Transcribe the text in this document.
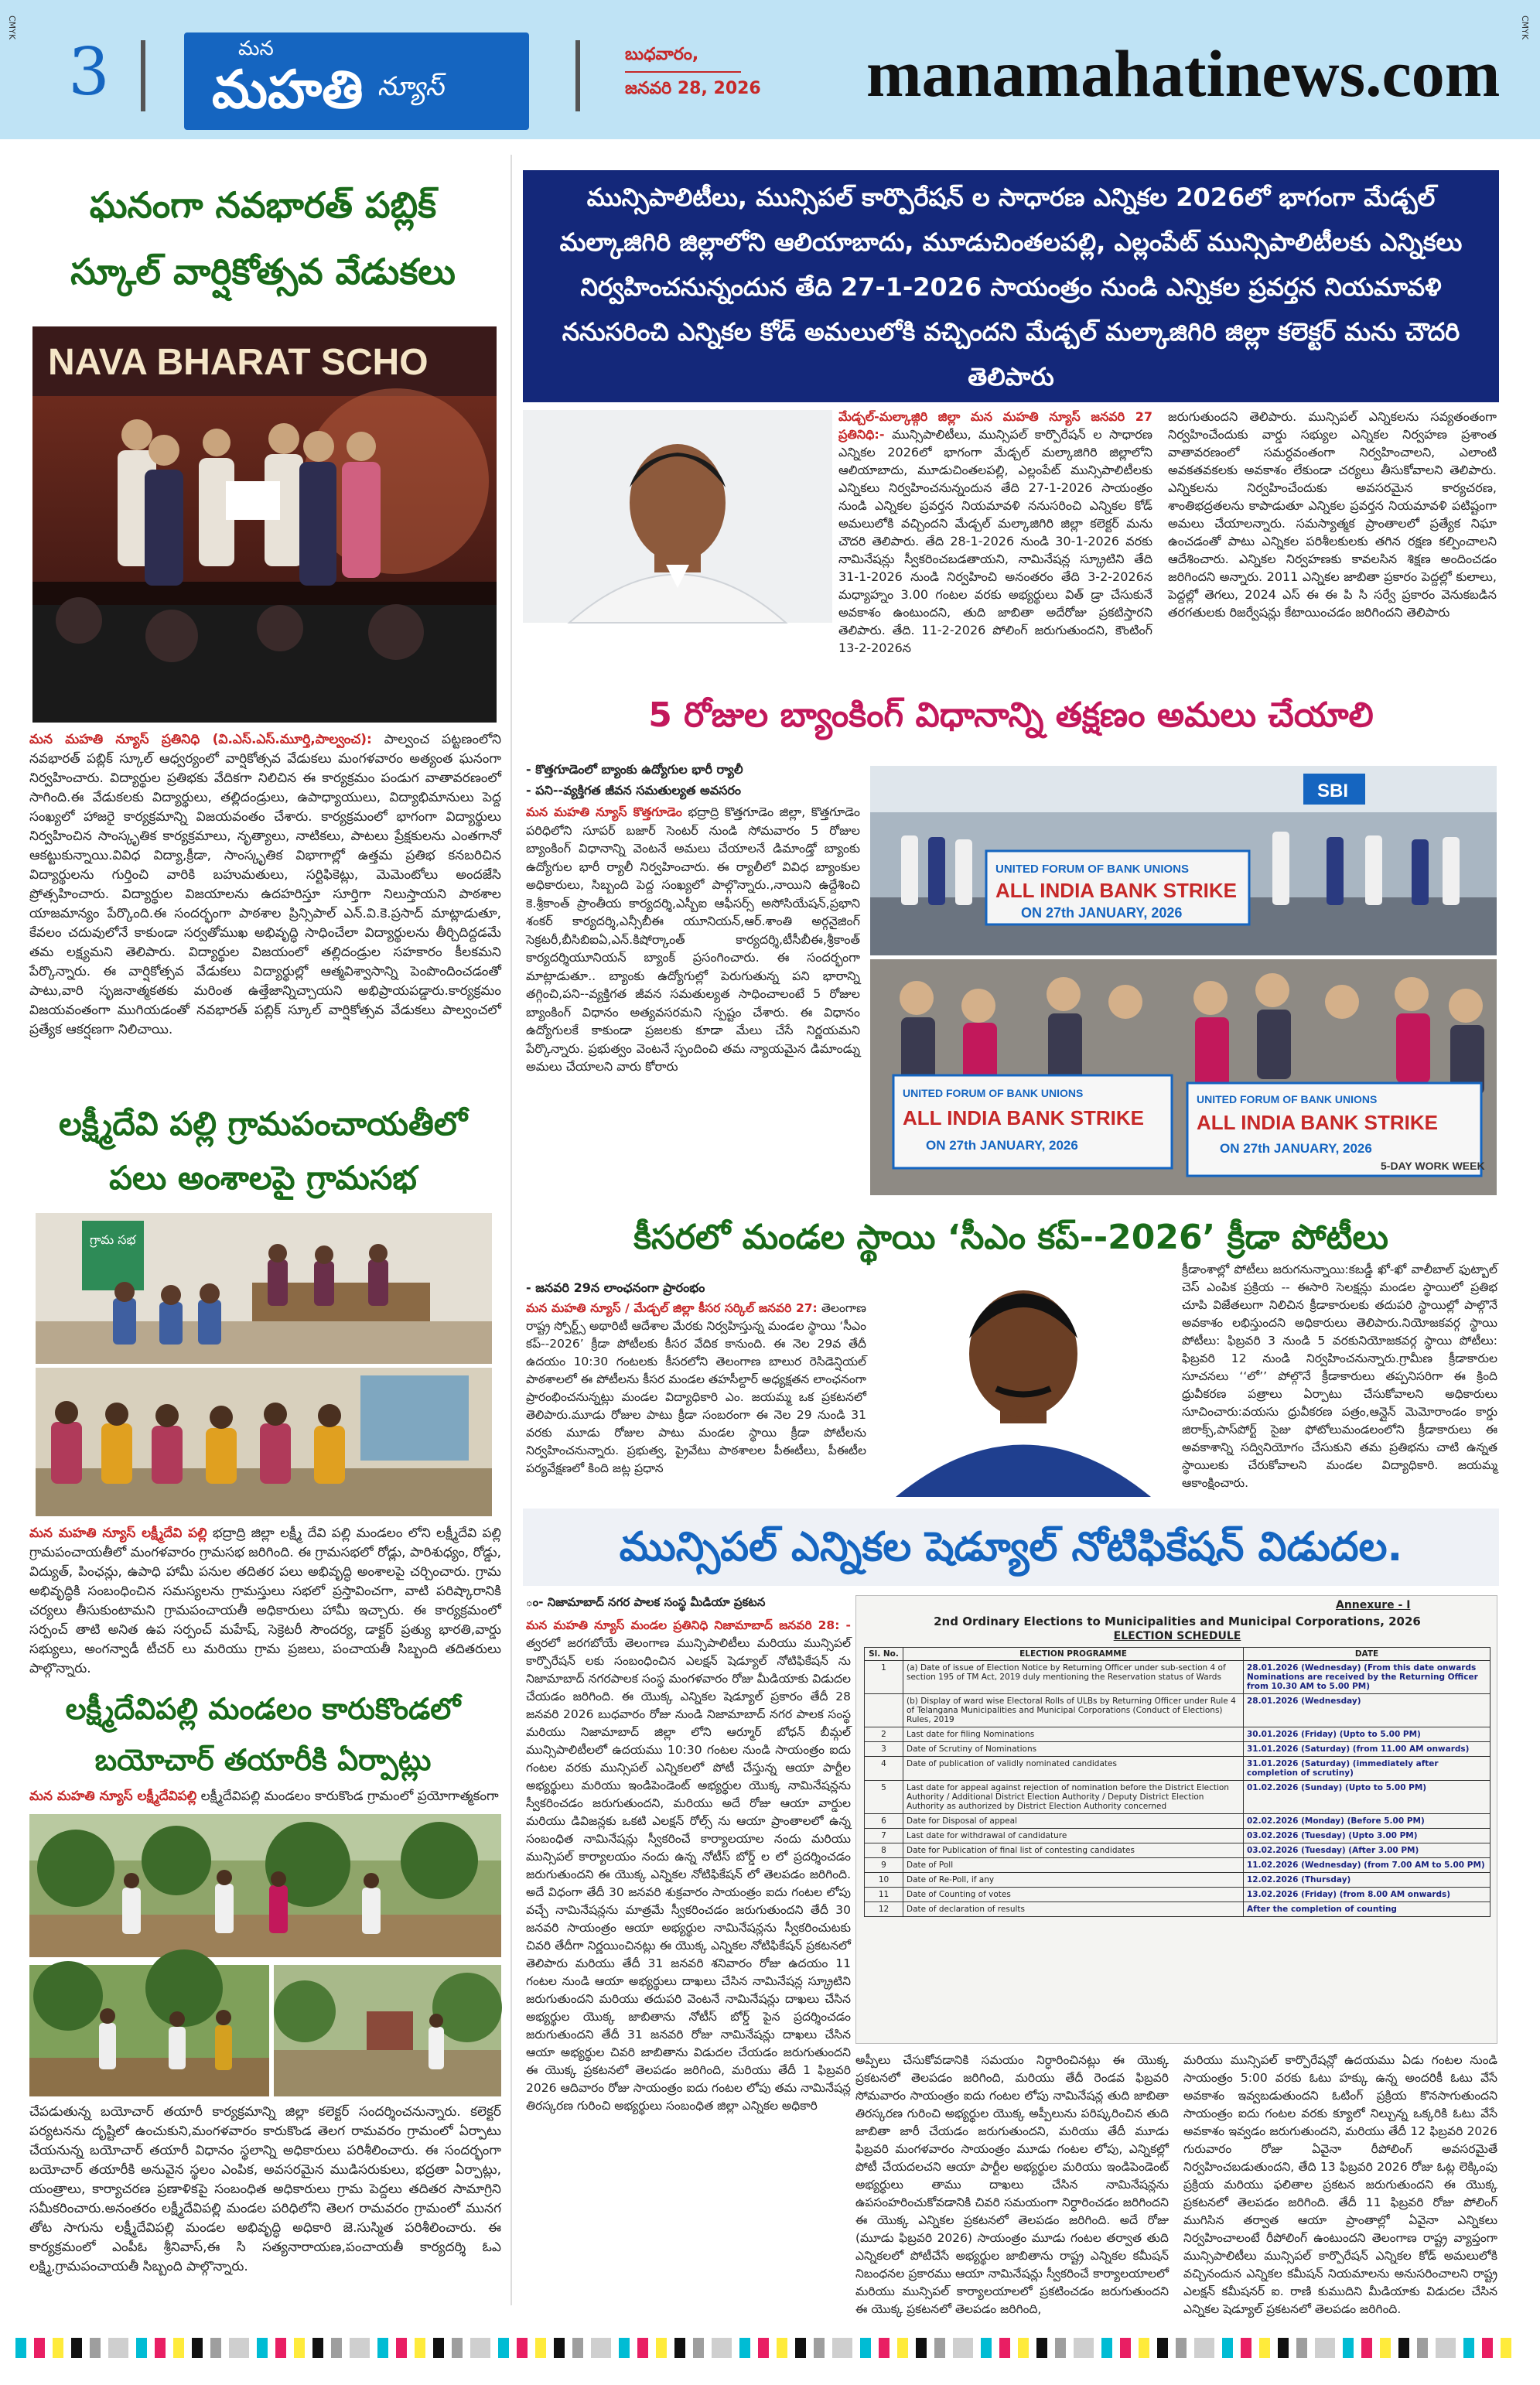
3	మన
మహతి న్యూస్
బుధవారం,
జనవరి 28, 2026 manamahatinews.com
CMYK
CMYK
ఘనంగా నవభారత్ పబ్లిక్
స్కూల్ వార్షికోత్సవ వేడుకలు
NAVA BHARAT SCHO
మన మహతి న్యూస్ ప్రతినిధి (వి.ఎస్.ఎస్.మూర్తి,పాల్వంచ): పాల్వంచ పట్టణంలోని నవభారత్ పబ్లిక్ స్కూల్ ఆధ్వర్యంలో వార్షికోత్సవ వేడుకలు మంగళవారం అత్యంత ఘనంగా నిర్వహించారు. విద్యార్థుల ప్రతిభకు వేదికగా నిలిచిన ఈ కార్యక్రమం పండుగ వాతావరణంలో సాగింది.ఈ వేడుకలకు విద్యార్థులు, తల్లిదండ్రులు, ఉపాధ్యాయులు, విద్యాభిమానులు పెద్ద సంఖ్యలో హాజరై కార్యక్రమాన్ని విజయవంతం చేశారు. కార్యక్రమంలో భాగంగా విద్యార్థులు నిర్వహించిన సాంస్కృతిక కార్యక్రమాలు, నృత్యాలు, నాటికలు, పాటలు ప్రేక్షకులను ఎంతగానో ఆకట్టుకున్నాయి.వివిధ విద్యా,క్రీడా, సాంస్కృతిక విభాగాల్లో ఉత్తమ ప్రతిభ కనబరిచిన విద్యార్థులను గుర్తించి వారికి బహుమతులు, సర్టిఫికెట్లు, మెమెంటోలు అందజేసి ప్రోత్సహించారు. విద్యార్థుల విజయాలను ఉదహరిస్తూ సూర్తిగా నిలుస్తాయని పాఠశాల యాజమాన్యం పేర్కొంది.ఈ సందర్భంగా పాఠశాల ప్రిన్సిపాల్ ఎన్.వి.కె.ప్రసాద్ మాట్లాడుతూ, కేవలం చదువులోనే కాకుండా సర్వతోముఖ అభివృద్ధి సాధించేలా విద్యార్థులను తీర్చిదిద్దడమే తమ లక్ష్యమని తెలిపారు. విద్యార్థుల విజయంలో తల్లిదండ్రుల సహకారం కీలకమని పేర్కొన్నారు. ఈ వార్షికోత్సవ వేడుకలు విద్యార్థుల్లో ఆత్మవిశ్వాసాన్ని పెంపొందించడంతో పాటు,వారి సృజనాత్మకతకు మరింత ఉత్తేజాన్నిచ్చాయని అభిప్రాయపడ్డారు.కార్యక్రమం విజయవంతంగా ముగియడంతో నవభారత్ పబ్లిక్ స్కూల్ వార్షికోత్సవ వేడుకలు పాల్వంచలో ప్రత్యేక ఆకర్షణగా నిలిచాయి.
లక్ష్మీదేవి పల్లి గ్రామపంచాయతీలో
పలు అంశాలపై గ్రామసభ
గ్రామ సభ
మన మహతి న్యూస్ లక్ష్మీదేవి పల్లి భద్రాద్రి జిల్లా లక్ష్మీ దేవి పల్లి మండలం లోని లక్ష్మీదేవి పల్లి గ్రామపంచాయతీలో మంగళవారం గ్రామసభ జరిగింది. ఈ గ్రామసభలో రోడ్లు, పారిశుధ్యం, రోడ్డు, విద్యుత్, పింఛన్లు, ఉపాధి హామీ పనుల తదితర పలు అభివృద్ధి అంశాలపై చర్చించారు. గ్రామ అభివృద్ధికి సంబంధించిన సమస్యలను గ్రామస్తులు సభలో ప్రస్తావించగా, వాటి పరిష్కారానికి చర్యలు తీసుకుంటామని గ్రామపంచాయతీ అధికారులు హామీ ఇచ్చారు. ఈ కార్యక్రమంలో సర్పంచ్ తాటి అనిత ఉప సర్పంచ్ మహేష్, సెక్రెటరీ సౌందర్య, డాక్టర్ ప్రత్యు భారతి,వార్డు సభ్యులు, అంగన్వాడీ టీచర్ లు మరియు గ్రామ ప్రజలు, పంచాయతీ సిబ్బంది తదితరులు పాల్గొన్నారు.
లక్ష్మీదేవిపల్లి మండలం కారుకొండలో
బయోచార్ తయారీకి ఏర్పాట్లు
మన మహతి న్యూస్ లక్ష్మీదేవిపల్లి లక్ష్మీదేవిపల్లి మండలం కారుకొండ గ్రామంలో ప్రయోగాత్మకంగా
చేపడుతున్న బయోచార్ తయారీ కార్యక్రమాన్ని జిల్లా కలెక్టర్ సందర్శించనున్నారు. కలెక్టర్ పర్యటనను దృష్టిలో ఉంచుకుని,మంగళవారం కారుకొండ తెలగ రామవరం గ్రామంలో ఏర్పాటు చేయనున్న బయోచార్ తయారీ విధానం స్థలాన్ని అధికారులు పరిశీలించారు. ఈ సందర్భంగా బయోచార్ తయారీకి అనువైన స్థలం ఎంపిక, అవసరమైన ముడిసరుకులు, భద్రతా ఏర్పాట్లు, యంత్రాలు, కార్యాచరణ ప్రణాళికపై సంబంధిత అధికారులు గ్రామ పెద్దలు తదితర సామాగ్రిని సమీకరించారు.అనంతరం లక్ష్మీదేవిపల్లి మండల పరిధిలోని తెలగ రామవరం గ్రామంలో మునగ తోట సాగును లక్ష్మీదేవిపల్లి మండల అభివృద్ధి అధికారి జె.సుస్మిత పరిశీలించారు. ఈ కార్యక్రమంలో ఎంపీఓ శ్రీనివాస్,ఈ సి సత్యనారాయణ,పంచాయతీ కార్యదర్శి ఓఎ లక్ష్మి,గ్రామపంచాయతీ సిబ్బంది పాల్గొన్నారు.
మున్సిపాలిటీలు, మున్సిపల్ కార్పొరేషన్ ల సాధారణ ఎన్నికల 2026లో భాగంగా మేడ్చల్ మల్కాజిగిరి జిల్లాలోని ఆలియాబాదు, మూడుచింతలపల్లి, ఎల్లంపేట్ మున్సిపాలిటీలకు ఎన్నికలు నిర్వహించనున్నందున తేది 27-1-2026 సాయంత్రం నుండి ఎన్నికల ప్రవర్తన నియమావళి ననుసరించి ఎన్నికల కోడ్ అమలులోకి వచ్చిందని మేడ్చల్ మల్కాజిగిరి జిల్లా కలెక్టర్ మను చౌదరి తెలిపారు
మేడ్చల్-మల్కాజ్గిరి జిల్లా మన మహతి న్యూస్ జనవరి 27 ప్రతినిధి:- మున్సిపాలిటీలు, మున్సిపల్ కార్పొరేషన్ ల సాధారణ ఎన్నికల 2026లో భాగంగా మేడ్చల్ మల్కాజిగిరి జిల్లాలోని ఆలియాబాదు, మూడుచింతలపల్లి, ఎల్లంపేట్ మున్సిపాలిటీలకు ఎన్నికలు నిర్వహించనున్నందున తేది 27-1-2026 సాయంత్రం నుండి ఎన్నికల ప్రవర్తన నియమావళి ననుసరించి ఎన్నికల కోడ్ అమలులోకి వచ్చిందని మేడ్చల్ మల్కాజిగిరి జిల్లా కలెక్టర్ మను చౌదరి తెలిపారు. తేది 28-1-2026 నుండి 30-1-2026 వరకు నామినేషన్లు స్వీకరించబడతాయని, నామినేషన్ల స్క్రూటిని తేది 31-1-2026 నుండి నిర్వహించి అనంతరం తేది 3-2-2026న మధ్యాహ్నం 3.00 గంటల వరకు అభ్యర్థులు విత్ డ్రా చేసుకునే అవకాశం ఉంటుందని, తుది జాబితా అదేరోజు ప్రకటిస్తారని తెలిపారు. తేది. 11-2-2026 పోలింగ్ జరుగుతుందని, కౌంటింగ్ 13-2-2026న
జరుగుతుందని తెలిపారు. మున్సిపల్ ఎన్నికలను సవ్యతంతంగా నిర్వహించేందుకు వార్డు సభ్యుల ఎన్నికల నిర్వహణ ప్రశాంత వాతావరణంలో సమర్ధవంతంగా నిర్వహించాలని, ఎలాంటి అవకతవకలకు అవకాశం లేకుండా చర్యలు తీసుకోవాలని తెలిపారు. ఎన్నికలను నిర్వహించేందుకు అవసరమైన కార్యచరణ, శాంతిభద్రతలను కాపాడుతూ ఎన్నికల ప్రవర్తన నియమావళి పటిష్టంగా అమలు చేయాలన్నారు. సమస్యాత్మక ప్రాంతాలలో ప్రత్యేక నిఘా ఉంచడంతో పాటు ఎన్నికల పరిశీలకులకు తగిన రక్షణ కల్పించాలని ఆదేశించారు. ఎన్నికల నిర్వహణకు కావలసిన శిక్షణ అందించడం జరిగిందని అన్నారు. 2011 ఎన్నికల జాబితా ప్రకారం పెద్దల్లో కులాలు, పెద్దల్లో తెగలు, 2024 ఎస్ ఈ ఈ పి సి సర్వే ప్రకారం వెనుకబడిన తరగతులకు రిజర్వేషన్లు కేటాయించడం జరిగిందని తెలిపారు
5 రోజుల బ్యాంకింగ్ విధానాన్ని తక్షణం అమలు చేయాలి
- కొత్తగూడెంలో బ్యాంకు ఉద్యోగుల భారీ ర్యాలీ
- పని--వ్యక్తిగత జీవన సమతుల్యత అవసరం
మన మహతి న్యూస్ కొత్తగూడెం భద్రాద్రి కొత్తగూడెం జిల్లా, కొత్తగూడెం పరిధిలోని సూపర్ బజార్ సెంటర్ నుండి సోమవారం 5 రోజుల బ్యాంకింగ్ విధానాన్ని వెంటనే అమలు చేయాలనే డిమాండ్తో బ్యాంకు ఉద్యోగుల భారీ ర్యాలీ నిర్వహించారు. ఈ ర్యాలీలో వివిధ బ్యాంకుల అధికారులు, సిబ్బంది పెద్ద సంఖ్యలో పాల్గొన్నారు.,నాయిని ఉద్దేశించి కె.శ్రీకాంత్ ప్రాంతీయ కార్యదర్శి,ఎస్బీఐ ఆఫీసర్స్ అసోసియేషన్,ప్రభాని శంకర్ కార్యదర్శి,ఎన్సీబీఈ యూనియన్,ఆర్.శాంతి అర్గనైజింగ్ సెక్రటరీ,బీసిబిఐఏ,ఎన్.కిషోర్కాంత్ కార్యదర్శి,టీసీబీఈ,శ్రీకాంత్ కార్యదర్శియూనియన్ బ్యాంక్ ప్రసంగించారు. ఈ సందర్భంగా మాట్లాడుతూ.. బ్యాంకు ఉద్యోగుల్లో పెరుగుతున్న పని భారాన్ని తగ్గించి,పని--వ్యక్తిగత జీవన సమతుల్యత సాధించాలంటే 5 రోజుల బ్యాంకింగ్ విధానం అత్యవసరమని స్పష్టం చేశారు. ఈ విధానం ఉద్యోగులకే కాకుండా ప్రజలకు కూడా మేలు చేసే నిర్ణయమని పేర్కొన్నారు. ప్రభుత్వం వెంటనే స్పందించి తమ న్యాయమైన డిమాండ్ను అమలు చేయాలని వారు కోరారు
SBI
UNITED FORUM OF BANK UNIONS
ALL INDIA BANK STRIKE
ON 27th JANUARY, 2026
UNITED FORUM OF BANK UNIONS
ALL INDIA BANK STRIKE
ON 27th JANUARY, 2026
UNITED FORUM OF BANK UNIONS
ALL INDIA BANK STRIKE
ON 27th JANUARY, 2026
5-DAY WORK WEEK
కీసరలో మండల స్థాయి ‘సీఎం కప్--2026’ క్రీడా పోటీలు
- జనవరి 29న లాంఛనంగా ప్రారంభం
మన మహతి న్యూస్ / మేడ్చల్ జిల్లా కీసర సర్కిల్ జనవరి 27: తెలంగాణ రాష్ట్ర స్పోర్ట్స్ అథారిటీ ఆదేశాల మేరకు నిర్వహిస్తున్న మండల స్థాయి ‘సీఎం కప్--2026’ క్రీడా పోటీలకు కీసర వేదిక కానుంది. ఈ నెల 29వ తేదీ ఉదయం 10:30 గంటలకు కీసరలోని తెలంగాణ బాలుర రెసిడెన్షియల్ పాఠశాలలో ఈ పోటీలను కీసర మండల తహసీల్దార్ అధ్యక్షతన లాంఛనంగా ప్రారంభించనున్నట్లు మండల విద్యాధికారి ఎం. జయమ్మ ఒక ప్రకటనలో తెలిపారు.మూడు రోజుల పాటు క్రీడా సంబరంగా ఈ నెల 29 నుండి 31 వరకు మూడు రోజుల పాటు మండల స్థాయి క్రీడా పోటీలను నిర్వహించనున్నారు. ప్రభుత్వ, ప్రైవేటు పాఠశాలల పీఈటీలు, పీఈటీల పర్యవేక్షణలో కింది జట్ల ప్రధాన
క్రీడాంశాల్లో పోటీలు జరుగనున్నాయి:కబడ్డీ ఖో-ఖో వాలీబాల్ ఫుట్బాల్ చెస్ ఎంపిక ప్రక్రియ -- ఈసారి సెలక్షన్లు మండల స్థాయిలో ప్రతిభ చూపి విజేతలుగా నిలిచిన క్రీడాకారులకు తదుపరి స్థాయిల్లో పాల్గొనే అవకాశం లభిస్తుందని అధికారులు తెలిపారు.నియోజకవర్గ స్థాయి పోటీలు: ఫిబ్రవరి 3 నుండి 5 వరకునియోజకవర్గ స్థాయి పోటీలు: ఫిబ్రవరి 12 నుండి నిర్వహించనున్నారు.గ్రామీణ క్రీడాకారుల సూచనలు ‘‘లో’’ పోల్గొనే క్రీడాకారులు తప్పనిసరిగా ఈ క్రింది ధ్రువీకరణ పత్రాలు ఏర్పాటు చేసుకోవాలని అధికారులు సూచించారు:వయసు ధ్రువీకరణ పత్రం,ఆన్లైన్ మెమోరాండం కార్డు జిరాక్స్,పాస్‌పోర్ట్ సైజు ఫోటోలుమండలంలోని క్రీడాకారులు ఈ అవకాశాన్ని సద్వినియోగం చేసుకుని తమ ప్రతిభను చాటి ఉన్నత స్థాయిలకు చేరుకోవాలని మండల విద్యాధికారి. జయమ్మ ఆకాంక్షించారు.
మున్సిపల్ ఎన్నికల షెడ్యూల్ నోటిఫికేషన్ విడుదల.
ం- నిజామాబాద్ నగర పాలక సంస్థ మీడియా ప్రకటన
మన మహతి న్యూస్ మండల ప్రతినిధి నిజామాబాద్ జనవరి 28: - త్వరలో జరగబోయే తెలంగాణ మున్సిపాలిటీలు మరియు మున్సిపల్ కార్పొరేషన్ లకు సంబంధించిన ఎలక్షన్ షెడ్యూల్ నోటిఫికేషన్ ను నిజామాబాద్ నగరపాలక సంస్థ మంగళవారం రోజు మీడియాకు విడుదల చేయడం జరిగింది. ఈ యొక్క ఎన్నికల షెడ్యూల్ ప్రకారం తేదీ 28 జనవరి 2026 బుధవారం రోజు నుండి నిజామాబాద్ నగర పాలక సంస్థ మరియు నిజామాబాద్ జిల్లా లోని ఆర్మూర్ బోధన్ బీమ్గల్ మున్సిపాలిటీలలో ఉదయము 10:30 గంటల నుండి సాయంత్రం ఐదు గంటల వరకు మున్సిపల్ ఎన్నికలలో పోటీ చేస్తున్న ఆయా పార్టీల అభ్యర్థులు మరియు ఇండిపెండెంట్ అభ్యర్థుల యొక్క నామినేషన్లను స్వీకరించడం జరుగుతుందని, మరియు అదే రోజు ఆయా వార్డుల మరియు డివిజన్లకు ఒకటి ఎలక్షన్ రోల్స్ ను ఆయా ప్రాంతాలలో ఉన్న సంబంధిత నామినేషన్లు స్వీకరించే కార్యాలయాల నందు మరియు మున్సిపల్ కార్యాలయం నందు ఉన్న నోటీస్ బోర్డ్ ల లో ప్రదర్శించడం జరుగుతుందని ఈ యొక్క ఎన్నికల నోటిఫికేషన్ లో తెలపడం జరిగింది. అదే విధంగా తేదీ 30 జనవరి శుక్రవారం సాయంత్రం ఐదు గంటల లోపు వచ్చే నామినేషన్లను మాత్రమే స్వీకరించడం జరుగుతుందని తేదీ 30 జనవరి సాయంత్రం ఆయా అభ్యర్థుల నామినేషన్లను స్వీకరించుటకు చివరి తేదీగా నిర్ణయించినట్లు ఈ యొక్క ఎన్నికల నోటిఫికేషన్ ప్రకటనలో తెలిపారు మరియు తేదీ 31 జనవరి శనివారం రోజు ఉదయం 11 గంటల నుండి ఆయా అభ్యర్థులు దాఖలు చేసిన నామినేషన్ల స్క్రూటిని జరుగుతుందని మరియు తదుపరి వెంటనే నామినేషన్లు దాఖలు చేసిన అభ్యర్థుల యొక్క జాబితాను నోటీస్ బోర్డ్ పైన ప్రదర్శించడం జరుగుతుందని తేదీ 31 జనవరి రోజు నామినేషన్లు దాఖలు చేసిన ఆయా అభ్యర్థుల చివరి జాబితాను విడుదల చేయడం జరుగుతుందని ఈ యొక్క ప్రకటనలో తెలపడం జరిగింది, మరియు తేదీ 1 ఫిబ్రవరి 2026 ఆదివారం రోజు సాయంత్రం ఐదు గంటల లోపు తమ నామినేషన్ల తిరస్కరణ గురించి అభ్యర్థులు సంబంధిత జిల్లా ఎన్నికల అధికారి
Annexure - I
2nd Ordinary Elections to Municipalities and Municipal Corporations, 2026
ELECTION SCHEDULE
Sl. No.	ELECTION PROGRAMME	DATE
1	(a) Date of issue of Election Notice by Returning Officer under sub-section 4 of section 195 of TM Act, 2019 duly mentioning the Reservation status of Wards	28.01.2026 (Wednesday) (From this date onwards Nominations are received by the Returning Officer from 10.30 AM to 5.00 PM)
	(b) Display of ward wise Electoral Rolls of ULBs by Returning Officer under Rule 4 of Telangana Municipalities and Municipal Corporations (Conduct of Elections) Rules, 2019	28.01.2026 (Wednesday)
2	Last date for filing Nominations	30.01.2026 (Friday) (Upto to 5.00 PM)
3	Date of Scrutiny of Nominations	31.01.2026 (Saturday) (from 11.00 AM onwards)
4	Date of publication of validly nominated candidates	31.01.2026 (Saturday) (immediately after completion of scrutiny)
5	Last date for appeal against rejection of nomination before the District Election Authority / Additional District Election Authority / Deputy District Election Authority as authorized by District Election Authority concerned	01.02.2026 (Sunday) (Upto to 5.00 PM)
6	Date for Disposal of appeal	02.02.2026 (Monday) (Before 5.00 PM)
7	Last date for withdrawal of candidature	03.02.2026 (Tuesday) (Upto 3.00 PM)
8	Date for Publication of final list of contesting candidates	03.02.2026 (Tuesday) (After 3.00 PM)
9	Date of Poll	11.02.2026 (Wednesday) (from 7.00 AM to 5.00 PM)
10	Date of Re-Poll, if any	12.02.2026 (Thursday)
11	Date of Counting of votes	13.02.2026 (Friday) (from 8.00 AM onwards)
12	Date of declaration of results	After the completion of counting
అప్పీలు చేసుకోవడానికి సమయం నిర్ధారించినట్లు ఈ యొక్క ప్రకటనలో తెలపడం జరిగింది, మరియు తేదీ రెండవ ఫిబ్రవరి సోమవారం సాయంత్రం ఐదు గంటల లోపు నామినేషన్ల తుది జాబితా తిరస్కరణ గురించి అభ్యర్థుల యొక్క అప్పీలును పరిష్కరించిన తుది జాబితా జారీ చేయడం జరుగుతుందని, మరియు తేదీ మూడు ఫిబ్రవరి మంగళవారం సాయంత్రం మూడు గంటల లోపు, ఎన్నికల్లో పోటీ చేయదలచని ఆయా పార్టీల అభ్యర్థుల మరియు ఇండిపెండెంట్ అభ్యర్థులు తాము దాఖలు చేసిన నామినేషన్లను ఉపసంహరించుకోవడానికి చివరి సమయంగా నిర్ధారించడం జరిగిందని ఈ యొక్క ఎన్నికల ప్రకటనలో తెలపడం జరిగింది. అదే రోజు (మూడు ఫిబ్రవరి 2026) సాయంత్రం మూడు గంటల తర్వాత తుది ఎన్నికలలో పోటీచేసే అభ్యర్థుల జాబితాను రాష్ట్ర ఎన్నికల కమీషన్ నిబంధనల ప్రకారము ఆయా నామినేషన్లు స్వీకరించే కార్యాలయాలలో మరియు మున్సిపల్ కార్యాలయాలలో ప్రకటించడం జరుగుతుందని ఈ యొక్క ప్రకటనలో తెలపడం జరిగింది,
మరియు మున్సిపల్ కార్పొరేషన్లో ఉదయము ఏడు గంటల నుండి సాయంత్రం 5:00 వరకు ఓటు హక్కు ఉన్న అందరికీ ఓటు వేసే అవకాశం ఇవ్వబడుతుందని ఓటింగ్ ప్రక్రియ కొనసాగుతుందని సాయంత్రం ఐదు గంటల వరకు క్యూలో నిల్చున్న ఒక్కరికి ఓటు వేసే అవకాశం ఇవ్వడం జరుగుతుందని, మరియు తేదీ 12 ఫిబ్రవరి 2026 గురువారం రోజు ఏవైనా రీపోలింగ్ అవసరమైతే నిర్వహించబడుతుందని, తేది 13 ఫిబ్రవరి 2026 రోజు ఓట్ల లెక్కింపు ప్రక్రియ మరియు ఫలితాల ప్రకటన జరుగుతుందని ఈ యొక్క ప్రకటనలో తెలపడం జరిగింది. తేదీ 11 ఫిబ్రవరి రోజు పోలింగ్ ముగిసిన తర్వాత ఆయా ప్రాంతాల్లో ఏవైనా ఎన్నికలు నిర్వహించాలంటే రీపోలింగ్ ఉంటుందని తెలంగాణ రాష్ట్ర వ్యాప్తంగా మున్సిపాలిటీలు మున్సిపల్ కార్పొరేషన్ ఎన్నికల కోడ్ అమలులోకి వచ్చినందున ఎన్నికల కమీషన్ నియమాలను అనుసరించాలని రాష్ట్ర ఎలక్షన్ కమీషనర్ ఐ. రాణి కుముదిని మీడియాకు విడుదల చేసిన ఎన్నికల షెడ్యూల్ ప్రకటనలో తెలపడం జరిగింది.
